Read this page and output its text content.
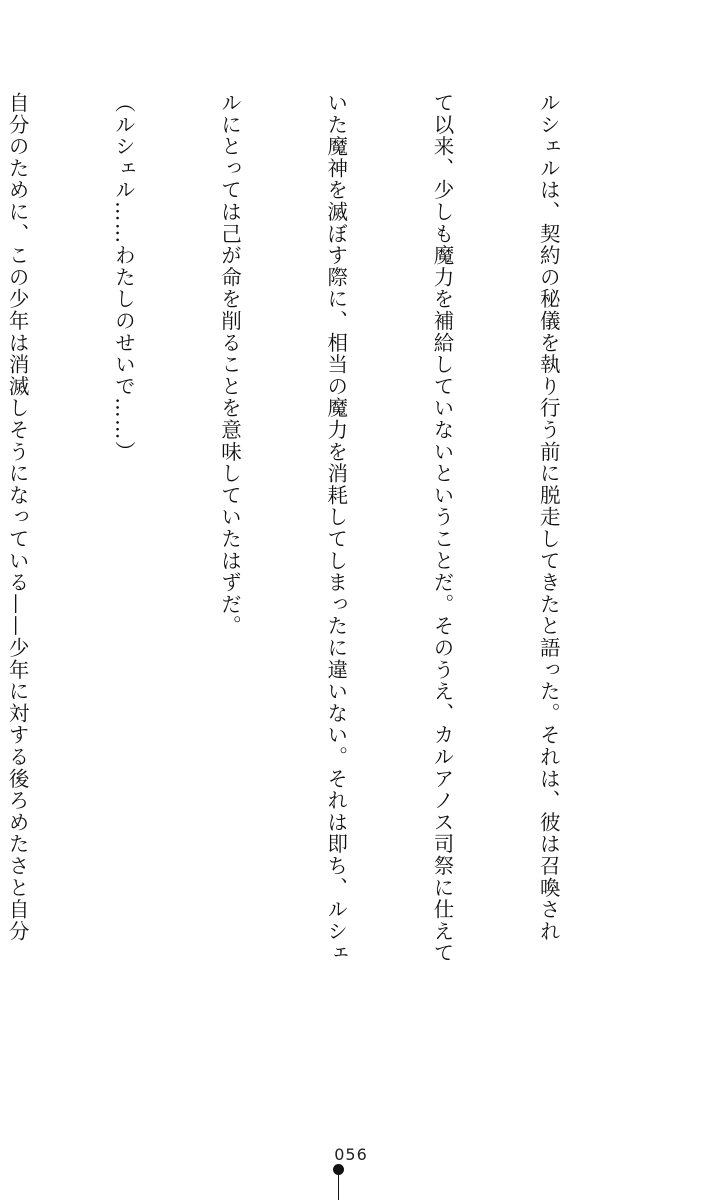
ルシェルは、契約の秘儀を執り行う前に脱走してきたと語った。それは、彼は召喚され

て以来、少しも魔力を補給していないということだ。そのうえ、カルアノス司祭に仕えて

いた魔神を滅ぼす際に、相当の魔力を消耗してしまったに違いない。それは即ち、ルシェ

ルにとっては己が命を削ることを意味していたはずだ。

（ルシェル……わたしのせいで……）

自分のために、この少年は消滅しそうになっている——少年に対する後ろめたさと自分

056
